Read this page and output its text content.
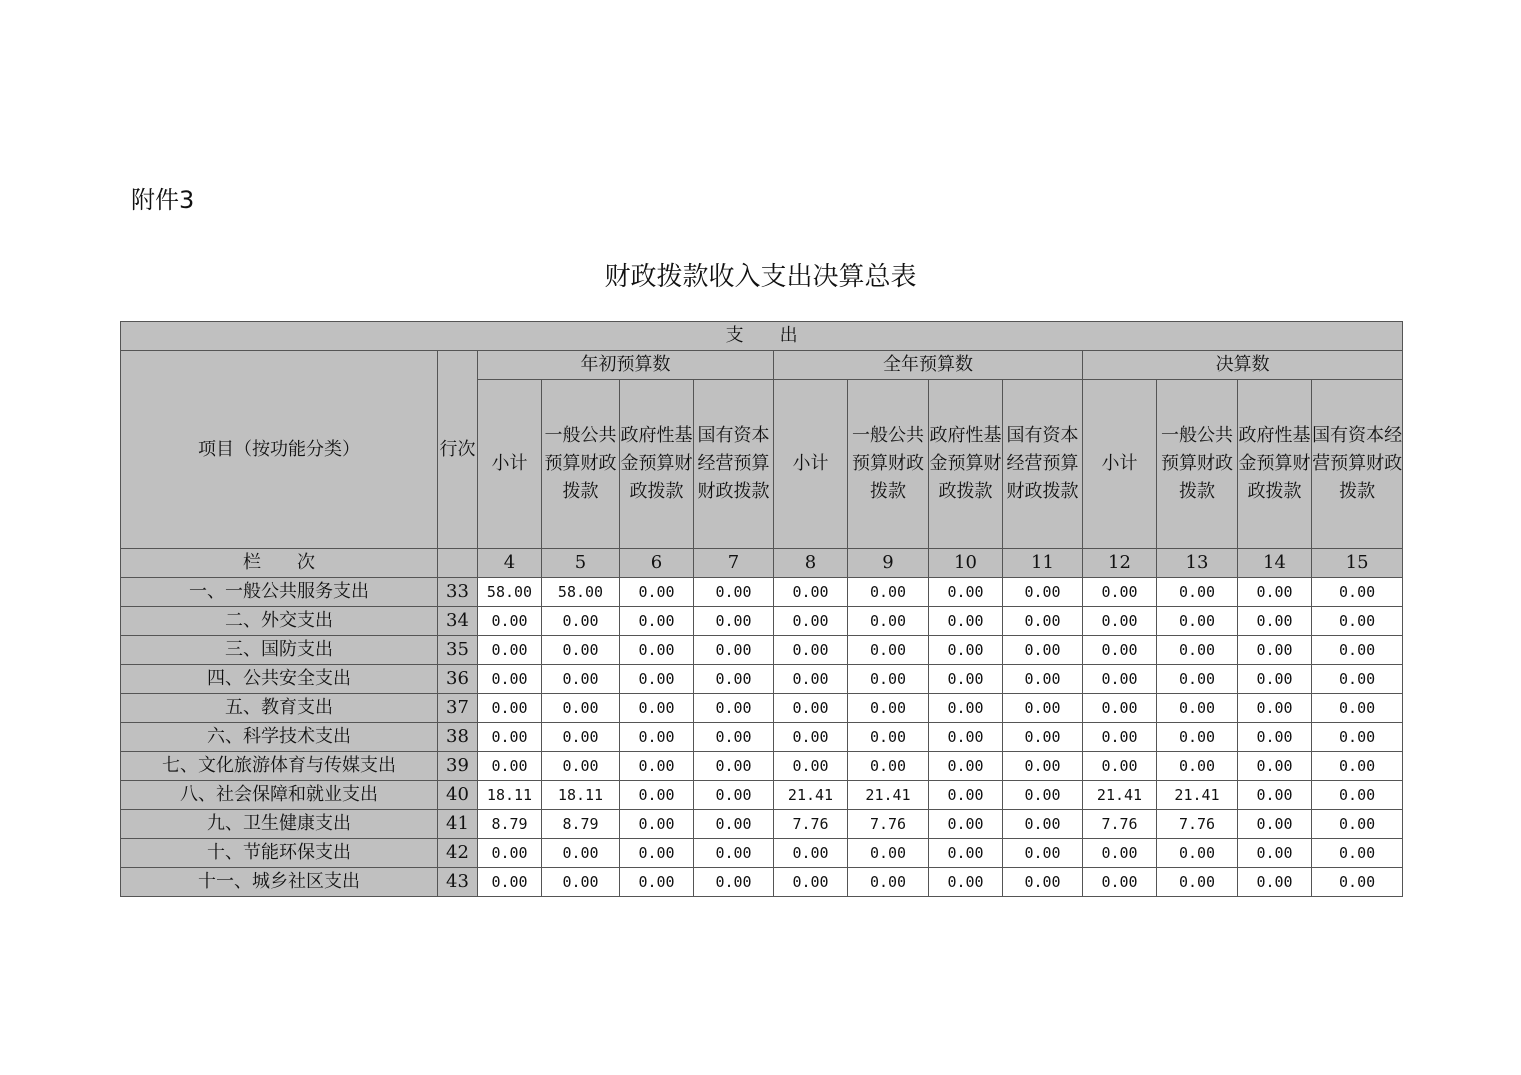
附件3
财政拨款收入支出决算总表
支　　出													
项目（按功能分类）	行次	年初预算数				全年预算数				决算数			
		小计	一般公共预算财政拨款	政府性基金预算财政拨款	国有资本经营预算财政拨款	小计	一般公共预算财政拨款	政府性基金预算财政拨款	国有资本经营预算财政拨款	小计	一般公共预算财政拨款	政府性基金预算财政拨款	国有资本经营预算财政拨款
栏　　次		4	5	6	7	8	9	10	11	12	13	14	15
一、一般公共服务支出	33	58.00	58.00	0.00	0.00	0.00	0.00	0.00	0.00	0.00	0.00	0.00	0.00
二、外交支出	34	0.00	0.00	0.00	0.00	0.00	0.00	0.00	0.00	0.00	0.00	0.00	0.00
三、国防支出	35	0.00	0.00	0.00	0.00	0.00	0.00	0.00	0.00	0.00	0.00	0.00	0.00
四、公共安全支出	36	0.00	0.00	0.00	0.00	0.00	0.00	0.00	0.00	0.00	0.00	0.00	0.00
五、教育支出	37	0.00	0.00	0.00	0.00	0.00	0.00	0.00	0.00	0.00	0.00	0.00	0.00
六、科学技术支出	38	0.00	0.00	0.00	0.00	0.00	0.00	0.00	0.00	0.00	0.00	0.00	0.00
七、文化旅游体育与传媒支出	39	0.00	0.00	0.00	0.00	0.00	0.00	0.00	0.00	0.00	0.00	0.00	0.00
八、社会保障和就业支出	40	18.11	18.11	0.00	0.00	21.41	21.41	0.00	0.00	21.41	21.41	0.00	0.00
九、卫生健康支出	41	8.79	8.79	0.00	0.00	7.76	7.76	0.00	0.00	7.76	7.76	0.00	0.00
十、节能环保支出	42	0.00	0.00	0.00	0.00	0.00	0.00	0.00	0.00	0.00	0.00	0.00	0.00
十一、城乡社区支出	43	0.00	0.00	0.00	0.00	0.00	0.00	0.00	0.00	0.00	0.00	0.00	0.00
